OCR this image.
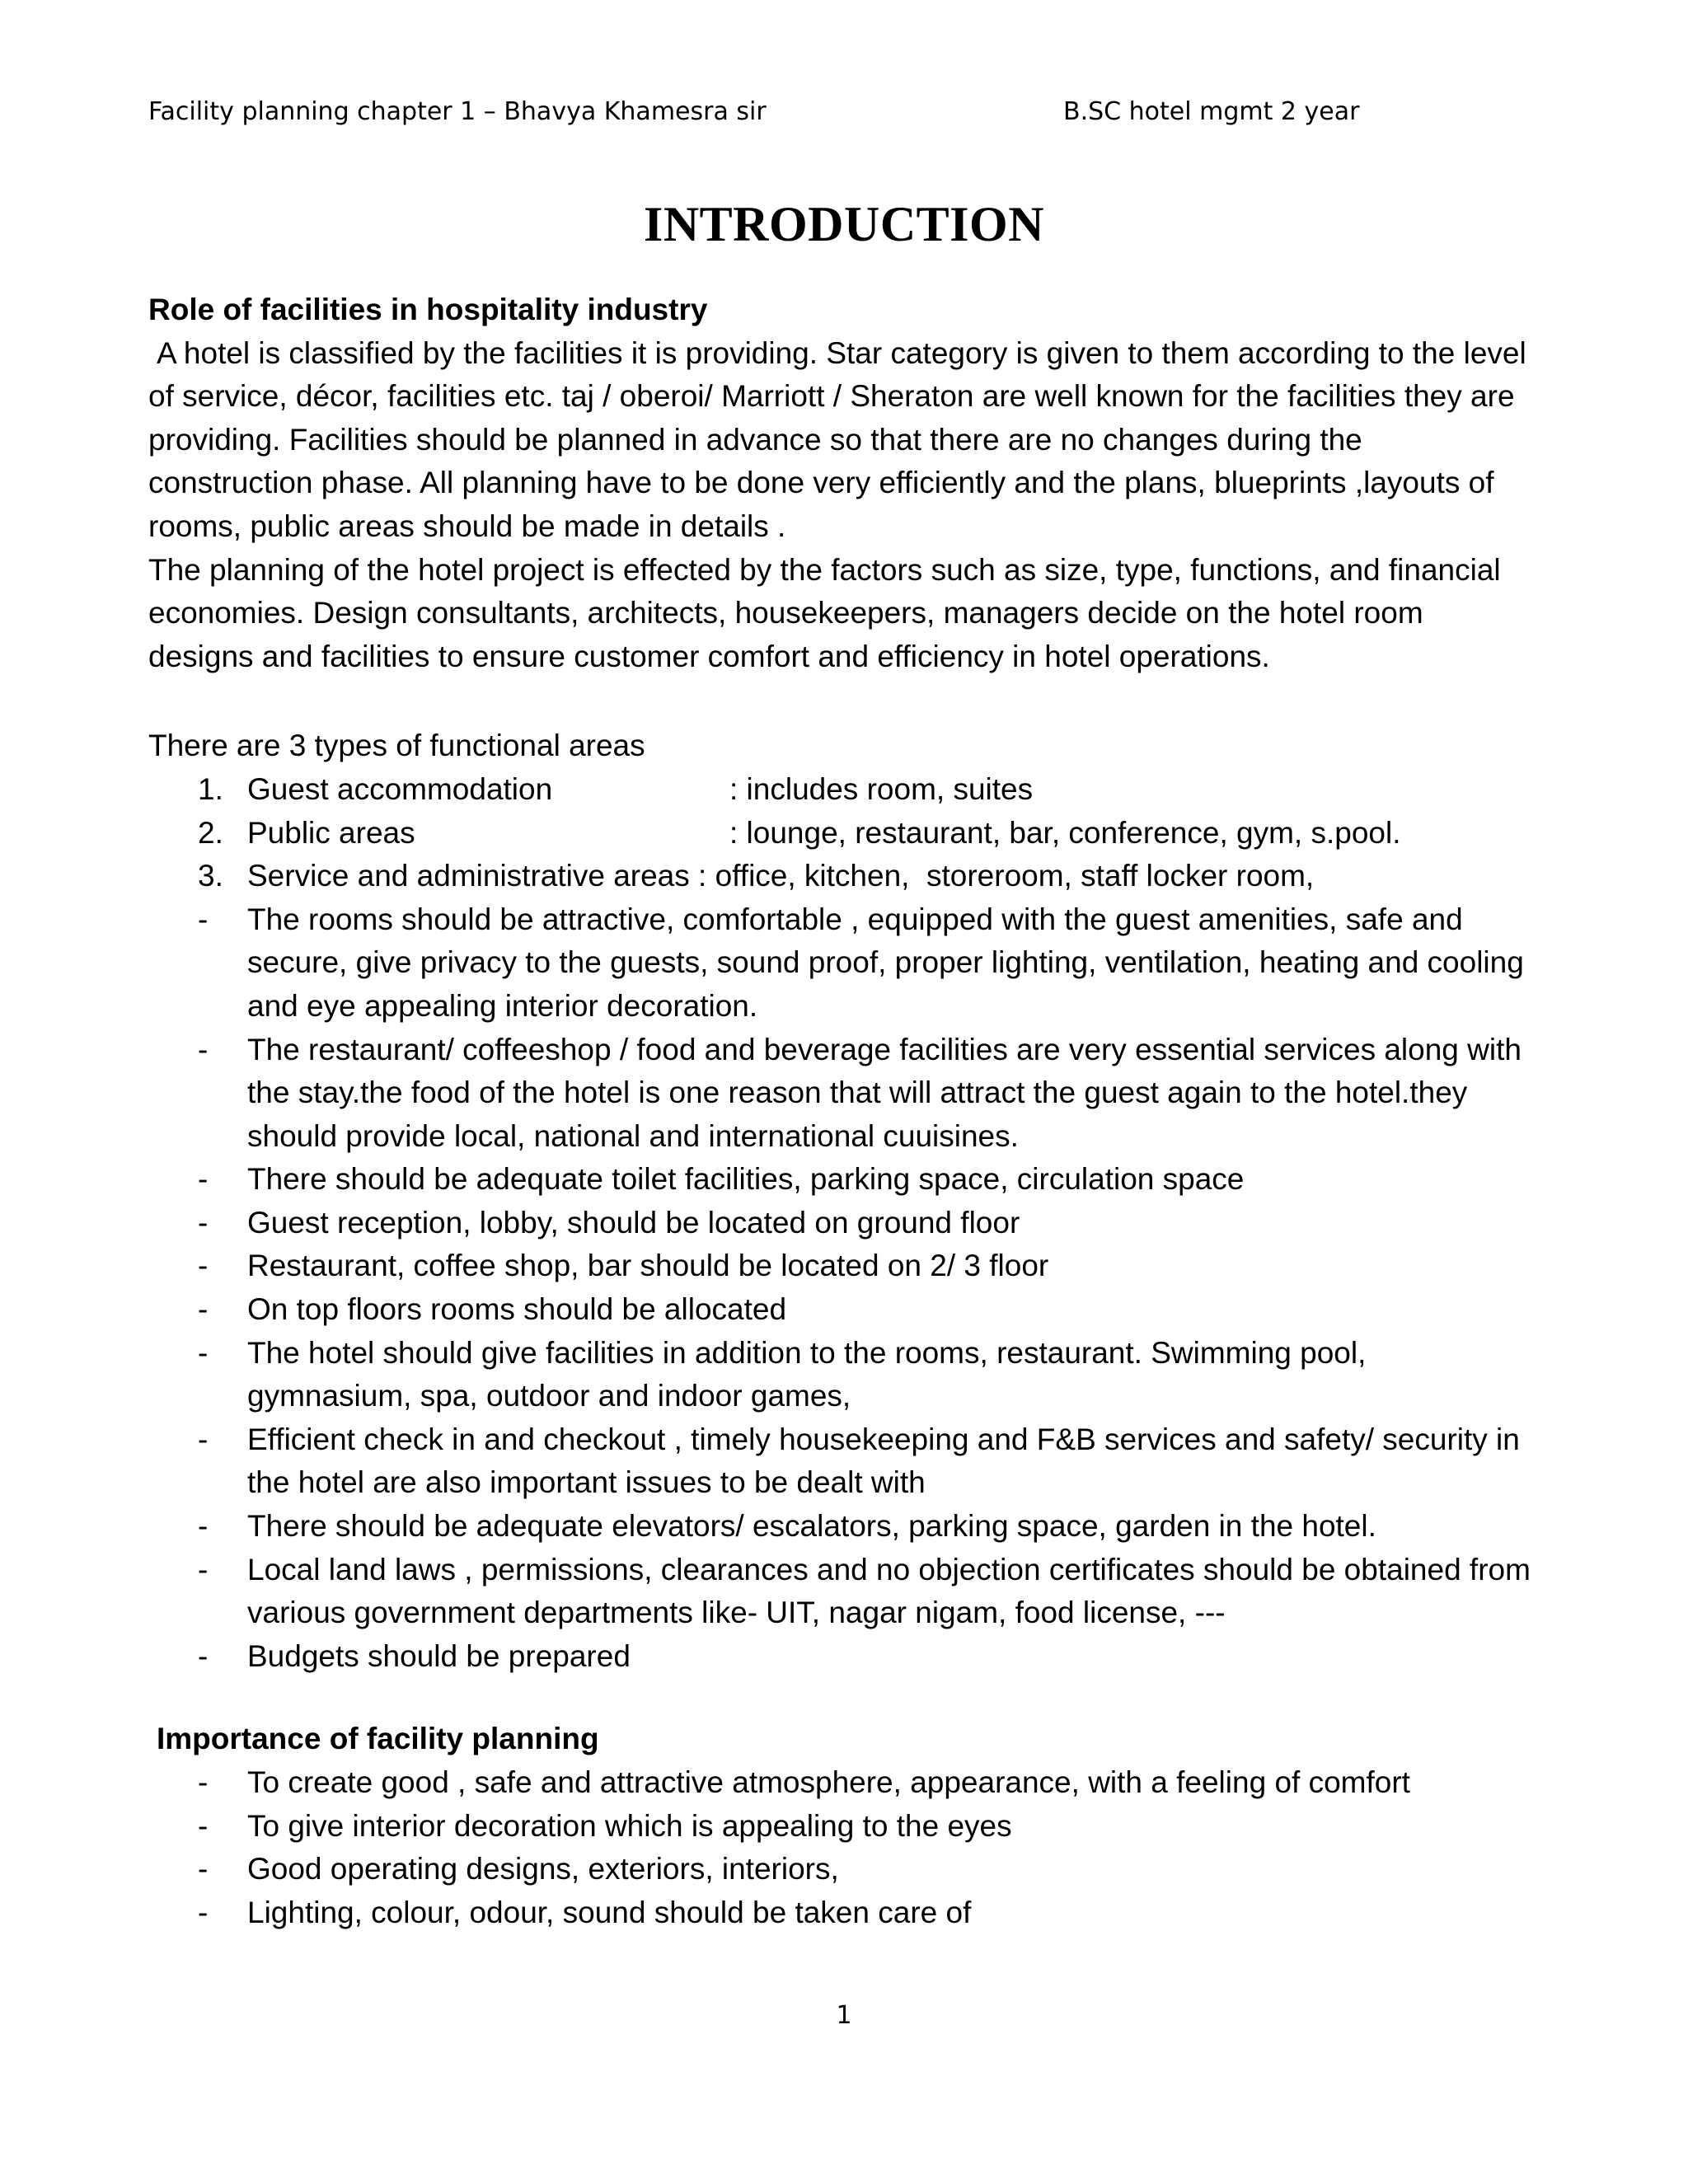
Facility planning chapter 1 – Bhavya Khamesra sir	B.SC hotel mgmt 2 year
INTRODUCTION

Role of facilities in hospitality industry

A hotel is classified by the facilities it is providing. Star category is given to them according to the level of service, décor, facilities etc. taj / oberoi/ Marriott / Sheraton are well known for the facilities they are providing. Facilities should be planned in advance so that there are no changes during the construction phase. All planning have to be done very efficiently and the plans, blueprints ,layouts of rooms, public areas should be made in details .

The planning of the hotel project is effected by the factors such as size, type, functions, and financial economies. Design consultants, architects, housekeepers, managers decide on the hotel room designs and facilities to ensure customer comfort and efficiency in hotel operations.

There are 3 types of functional areas

1. Guest accommodation	: includes room, suites
2. Public areas	: lounge, restaurant, bar, conference, gym, s.pool.
3. Service and administrative areas : office, kitchen,  storeroom, staff locker room,
- The rooms should be attractive, comfortable , equipped with the guest amenities, safe and secure, give privacy to the guests, sound proof, proper lighting, ventilation, heating and cooling and eye appealing interior decoration.
- The restaurant/ coffeeshop / food and beverage facilities are very essential services along with the stay.the food of the hotel is one reason that will attract the guest again to the hotel.they should provide local, national and international cuuisines.
- There should be adequate toilet facilities, parking space, circulation space
- Guest reception, lobby, should be located on ground floor
- Restaurant, coffee shop, bar should be located on 2/ 3 floor
- On top floors rooms should be allocated
- The hotel should give facilities in addition to the rooms, restaurant. Swimming pool, gymnasium, spa, outdoor and indoor games,
- Efficient check in and checkout , timely housekeeping and F&B services and safety/ security in the hotel are also important issues to be dealt with
- There should be adequate elevators/ escalators, parking space, garden in the hotel.
- Local land laws , permissions, clearances and no objection certificates should be obtained from various government departments like- UIT, nagar nigam, food license, ---
- Budgets should be prepared

Importance of facility planning

- To create good , safe and attractive atmosphere, appearance, with a feeling of comfort
- To give interior decoration which is appealing to the eyes
- Good operating designs, exteriors, interiors,
- Lighting, colour, odour, sound should be taken care of
1
